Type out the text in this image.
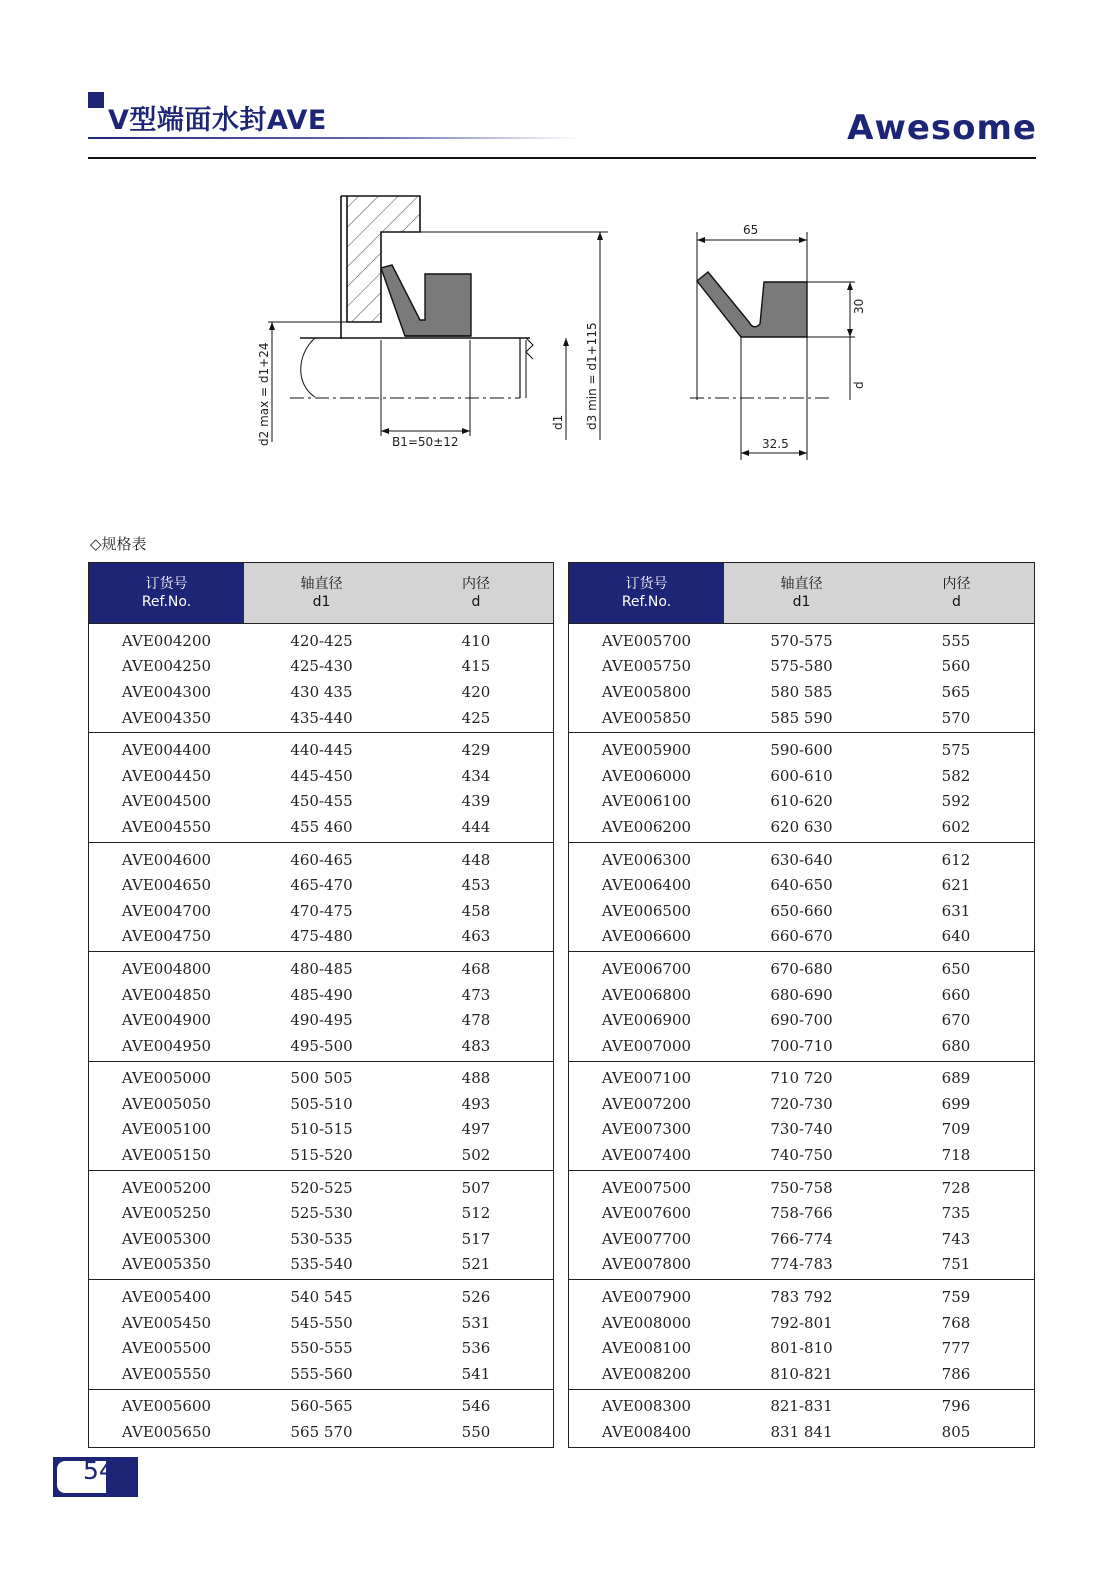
V型端面水封AVE	Awesome
B1=50±12
d2 max = d1+24	d3 min = d1+115
d1
65
30
d
32.5
◇规格表
订货号
Ref.No.
轴直径
d1
内径
d
AVE004200	420-425	410
AVE004250	425-430	415
AVE004300	430 435	420
AVE004350	435-440	425
AVE004400	440-445	429
AVE004450	445-450	434
AVE004500	450-455	439
AVE004550	455 460	444
AVE004600	460-465	448
AVE004650	465-470	453
AVE004700	470-475	458
AVE004750	475-480	463
AVE004800	480-485	468
AVE004850	485-490	473
AVE004900	490-495	478
AVE004950	495-500	483
AVE005000	500 505	488
AVE005050	505-510	493
AVE005100	510-515	497
AVE005150	515-520	502
AVE005200	520-525	507
AVE005250	525-530	512
AVE005300	530-535	517
AVE005350	535-540	521
AVE005400	540 545	526
AVE005450	545-550	531
AVE005500	550-555	536
AVE005550	555-560	541
AVE005600	560-565	546
AVE005650	565 570	550
订货号
Ref.No.
轴直径
d1
内径
d
AVE005700	570-575	555
AVE005750	575-580	560
AVE005800	580 585	565
AVE005850	585 590	570
AVE005900	590-600	575
AVE006000	600-610	582
AVE006100	610-620	592
AVE006200	620 630	602
AVE006300	630-640	612
AVE006400	640-650	621
AVE006500	650-660	631
AVE006600	660-670	640
AVE006700	670-680	650
AVE006800	680-690	660
AVE006900	690-700	670
AVE007000	700-710	680
AVE007100	710 720	689
AVE007200	720-730	699
AVE007300	730-740	709
AVE007400	740-750	718
AVE007500	750-758	728
AVE007600	758-766	735
AVE007700	766-774	743
AVE007800	774-783	751
AVE007900	783 792	759
AVE008000	792-801	768
AVE008100	801-810	777
AVE008200	810-821	786
AVE008300	821-831	796
AVE008400	831 841	805
541
